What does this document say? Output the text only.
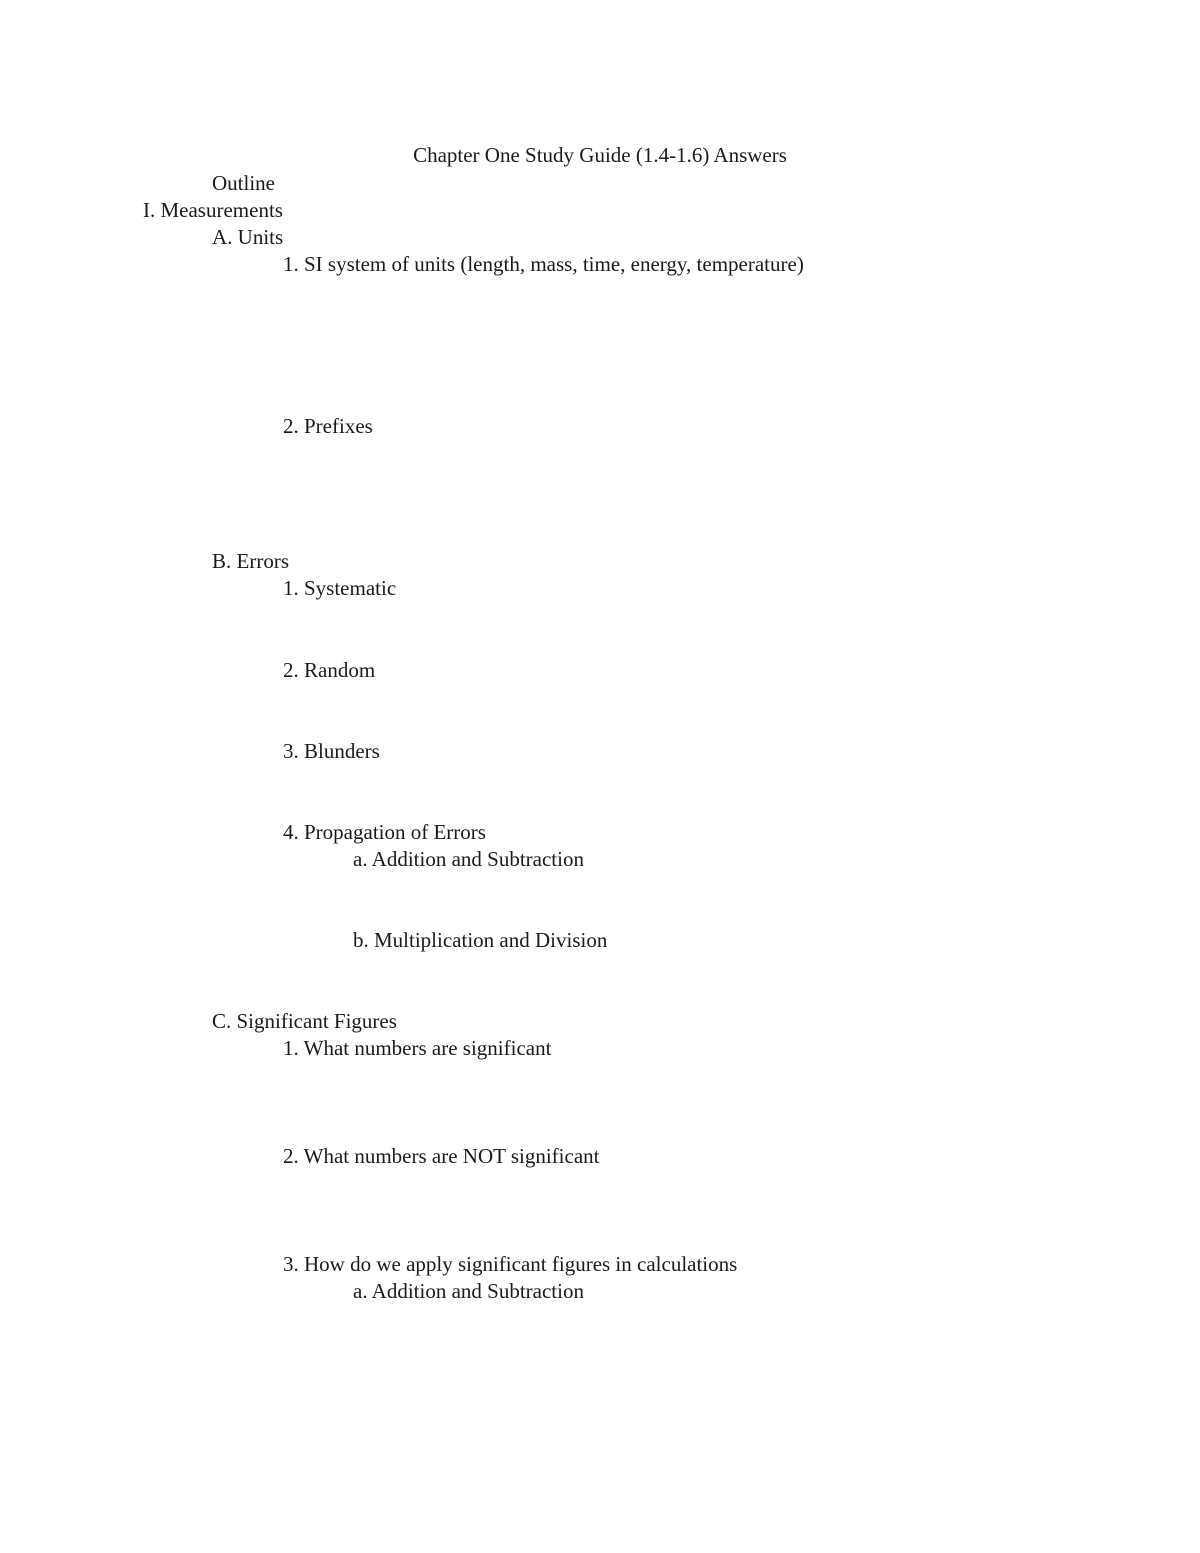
Chapter One Study Guide (1.4-1.6) Answers
Outline
I. Measurements
A. Units
1. SI system of units (length, mass, time, energy, temperature)
2. Prefixes
B. Errors
1. Systematic
2. Random
3. Blunders
4. Propagation of Errors
a. Addition and Subtraction
b. Multiplication and Division
C. Significant Figures
1. What numbers are significant
2. What numbers are NOT significant
3. How do we apply significant figures in calculations
a. Addition and Subtraction
